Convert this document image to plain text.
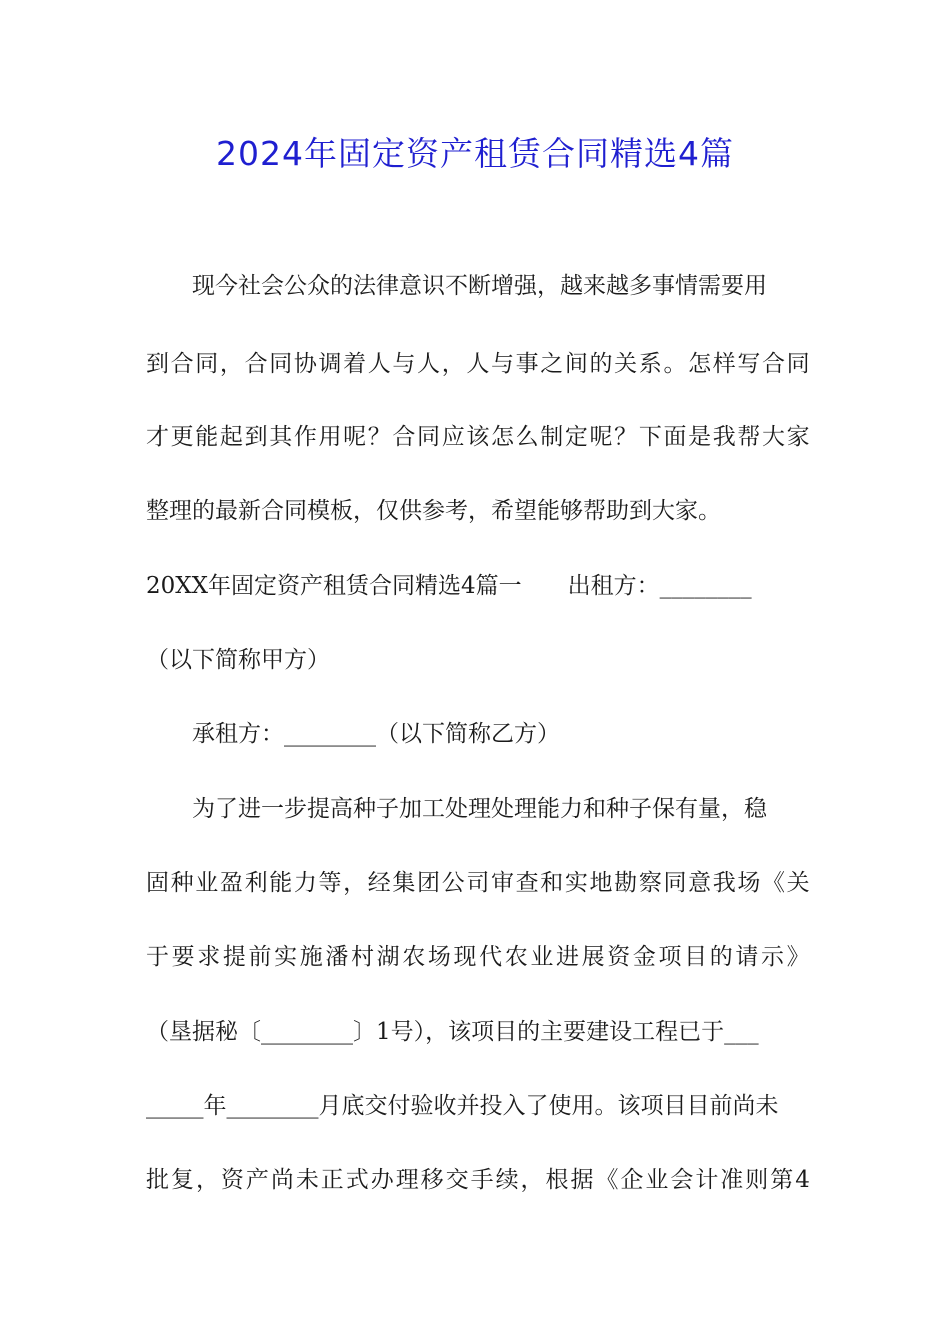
2024年固定资产租赁合同精选4篇
现今社会公众的法律意识不断增强，越来越多事情需要用
到 合 同 ， 合 同 协 调 着 人 与 人 ， 人 与 事 之 间 的 关 系 。 怎 样 写 合 同
才 更 能 起 到 其 作 用 呢 ？ 合 同 应 该 怎 么 制 定 呢 ？ 下 面 是 我 帮 大 家
整理的最新合同模板，仅供参考，希望能够帮助到大家。
20XX年固定资产租赁合同精选4篇一　　出租方：________
（以下简称甲方）
承租方：________（以下简称乙方）
为了进一步提高种子加工处理处理能力和种子保有量，稳
固 种 业 盈 利 能 力 等 ， 经 集 团 公 司 审 查 和 实 地 勘 察 同 意 我 场 《 关
于 要 求 提 前 实 施 潘 村 湖 农 场 现 代 农 业 进 展 资 金 项 目 的 请 示 》
（垦据秘〔________〕1号），该项目的主要建设工程已于___
_____年________月底交付验收并投入了使用。该项目目前尚未
批 复 ， 资 产 尚 未 正 式 办 理 移 交 手 续 ， 根 据 《 企 业 会 计 准 则 第 4
